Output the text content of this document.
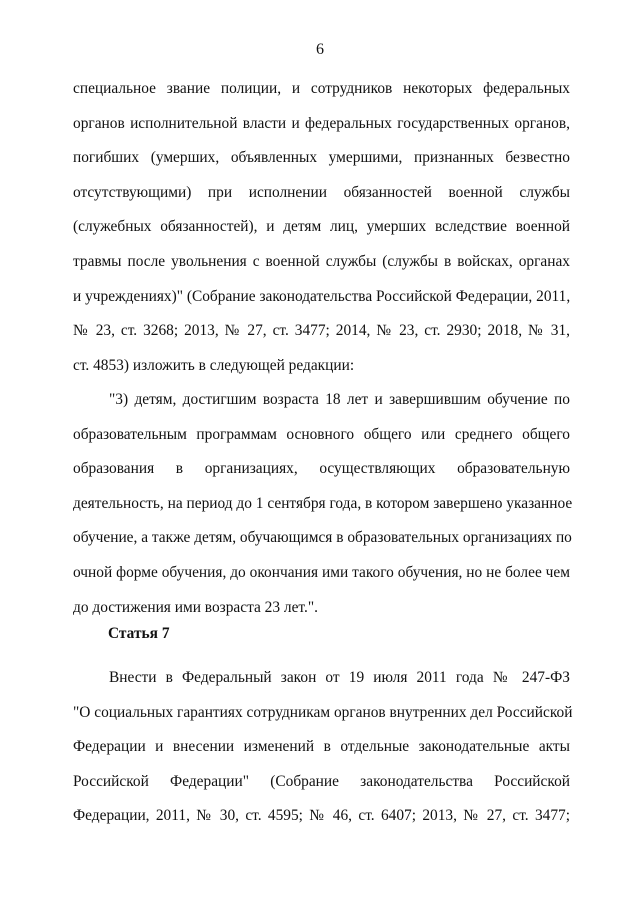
6
специальное звание полиции, и сотрудников некоторых федеральных
органов исполнительной власти и федеральных государственных органов,
погибших (умерших, объявленных умершими, признанных безвестно
отсутствующими) при исполнении обязанностей военной службы
(служебных обязанностей), и детям лиц, умерших вследствие военной
травмы после увольнения с военной службы (службы в войсках, органах
и учреждениях)" (Собрание законодательства Российской Федерации, 2011,
№ 23, ст. 3268; 2013, № 27, ст. 3477; 2014, № 23, ст. 2930; 2018, № 31,
ст. 4853) изложить в следующей редакции:
"3) детям, достигшим возраста 18 лет и завершившим обучение по
образовательным программам основного общего или среднего общего
образования в организациях, осуществляющих образовательную
деятельность, на период до 1 сентября года, в котором завершено указанное
обучение, а также детям, обучающимся в образовательных организациях по
очной форме обучения, до окончания ими такого обучения, но не более чем
до достижения ими возраста 23 лет.".
Статья 7
Внести в Федеральный закон от 19 июля 2011 года № 247-ФЗ
"О социальных гарантиях сотрудникам органов внутренних дел Российской
Федерации и внесении изменений в отдельные законодательные акты
Российской Федерации" (Собрание законодательства Российской
Федерации, 2011, № 30, ст. 4595; № 46, ст. 6407; 2013, № 27, ст. 3477;
